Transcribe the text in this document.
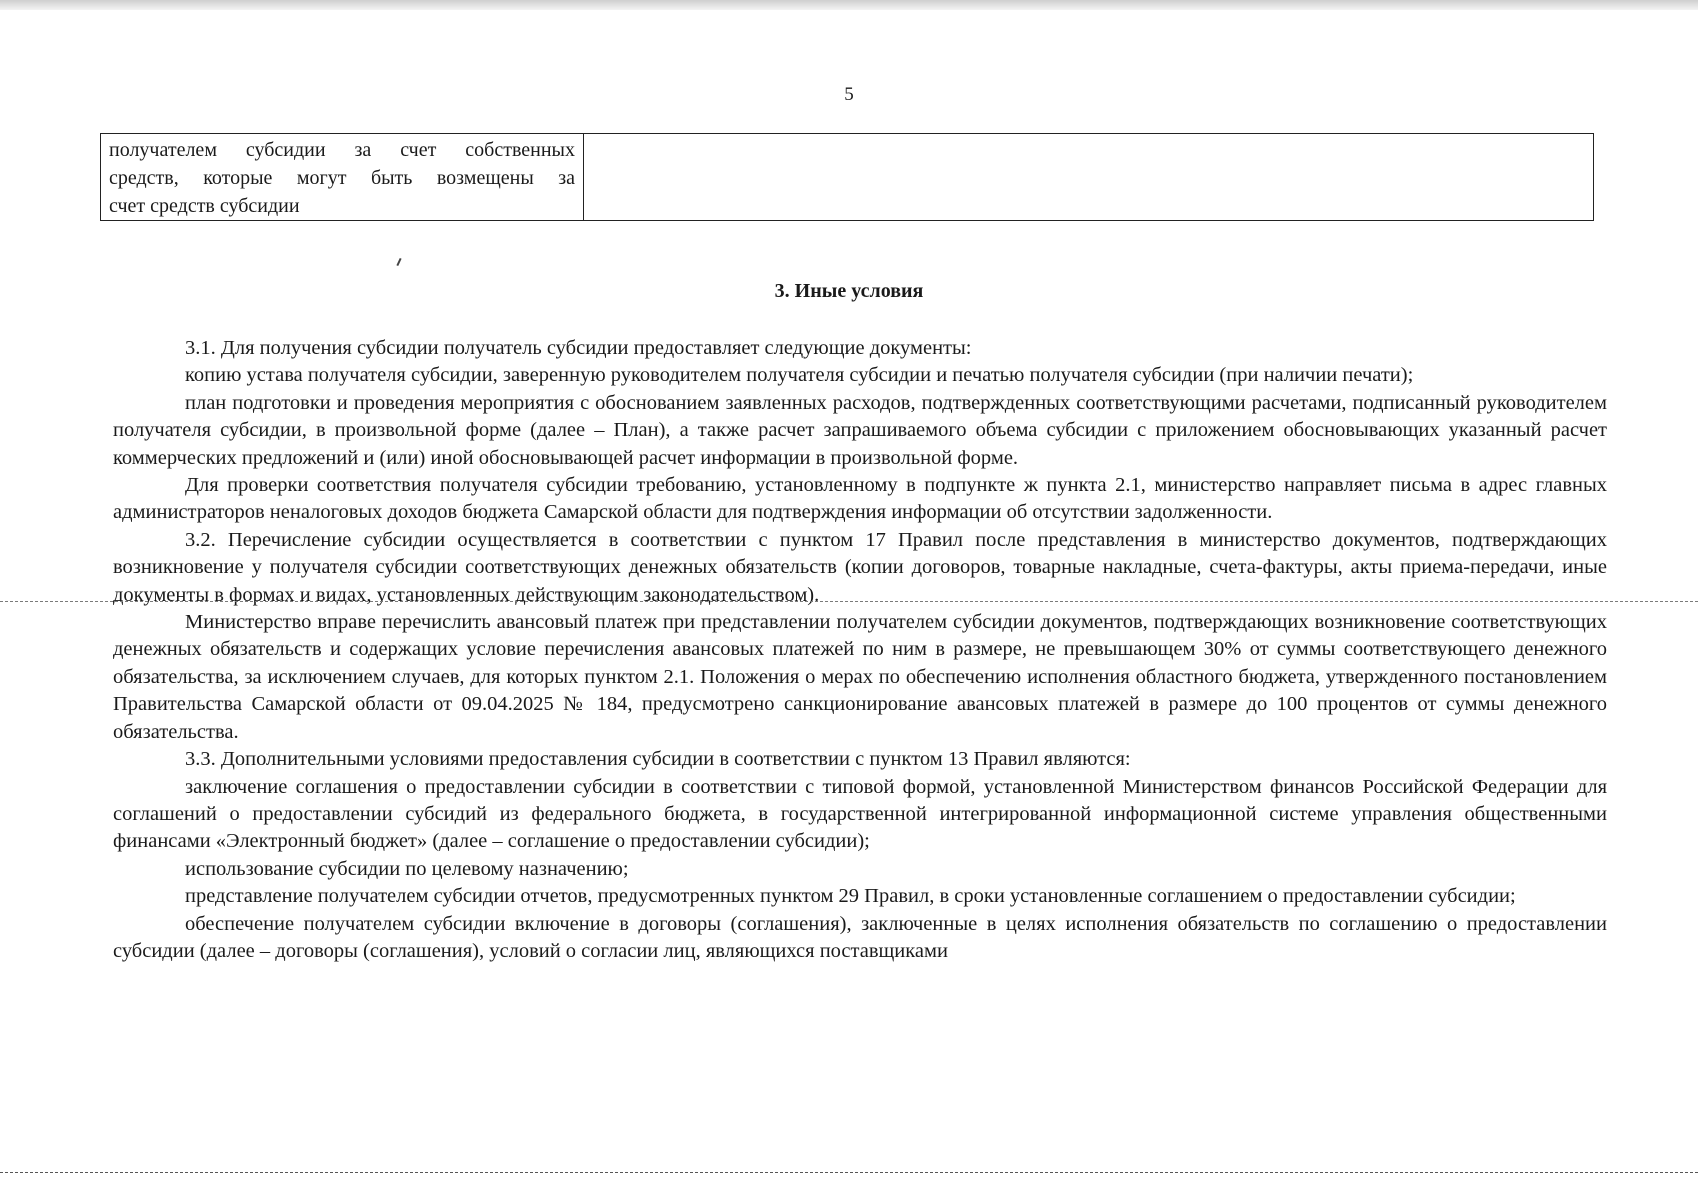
5
получателем субсидии за счет собственных
средств, которые могут быть возмещены за
счет средств субсидии

3. Иные условия

3.1. Для получения субсидии получатель субсидии предоставляет следующие документы:

копию устава получателя субсидии, заверенную руководителем получателя субсидии и печатью получателя субсидии (при наличии печати);

план подготовки и проведения мероприятия с обоснованием заявленных расходов, подтвержденных соответствующими расчетами, подписанный руководителем получателя субсидии, в произвольной форме (далее – План), а также расчет запрашиваемого объема субсидии с приложением обосновывающих указанный расчет коммерческих предложений и (или) иной обосновывающей расчет информации в произвольной форме.

Для проверки соответствия получателя субсидии требованию, установленному в подпункте ж пункта 2.1, министерство направляет письма в адрес главных администраторов неналоговых доходов бюджета Самарской области для подтверждения информации об отсутствии задолженности.

3.2. Перечисление субсидии осуществляется в соответствии с пунктом 17 Правил после представления в министерство документов, подтверждающих возникновение у получателя субсидии соответствующих денежных обязательств (копии договоров, товарные накладные, счета-фактуры, акты приема-передачи, иные документы в формах и видах, установленных действующим законодательством).

Министерство вправе перечислить авансовый платеж при представлении получателем субсидии документов, подтверждающих возникновение соответствующих денежных обязательств и содержащих условие перечисления авансовых платежей по ним в размере, не превышающем 30% от суммы соответствующего денежного обязательства, за исключением случаев, для которых пунктом 2.1. Положения о мерах по обеспечению исполнения областного бюджета, утвержденного постановлением Правительства Самарской области от 09.04.2025 № 184, предусмотрено санкционирование авансовых платежей в размере до 100 процентов от суммы денежного обязательства.

3.3. Дополнительными условиями предоставления субсидии в соответствии с пунктом 13 Правил являются:

заключение соглашения о предоставлении субсидии в соответствии с типовой формой, установленной Министерством финансов Российской Федерации для соглашений о предоставлении субсидий из федерального бюджета, в государственной интегрированной информационной системе управления общественными финансами «Электронный бюджет» (далее – соглашение о предоставлении субсидии);

использование субсидии по целевому назначению;

представление получателем субсидии отчетов, предусмотренных пунктом 29 Правил, в сроки установленные соглашением о предоставлении субсидии;

обеспечение получателем субсидии включение в договоры (соглашения), заключенные в целях исполнения обязательств по соглашению о предоставлении субсидии (далее – договоры (соглашения), условий о согласии лиц, являющихся поставщиками
